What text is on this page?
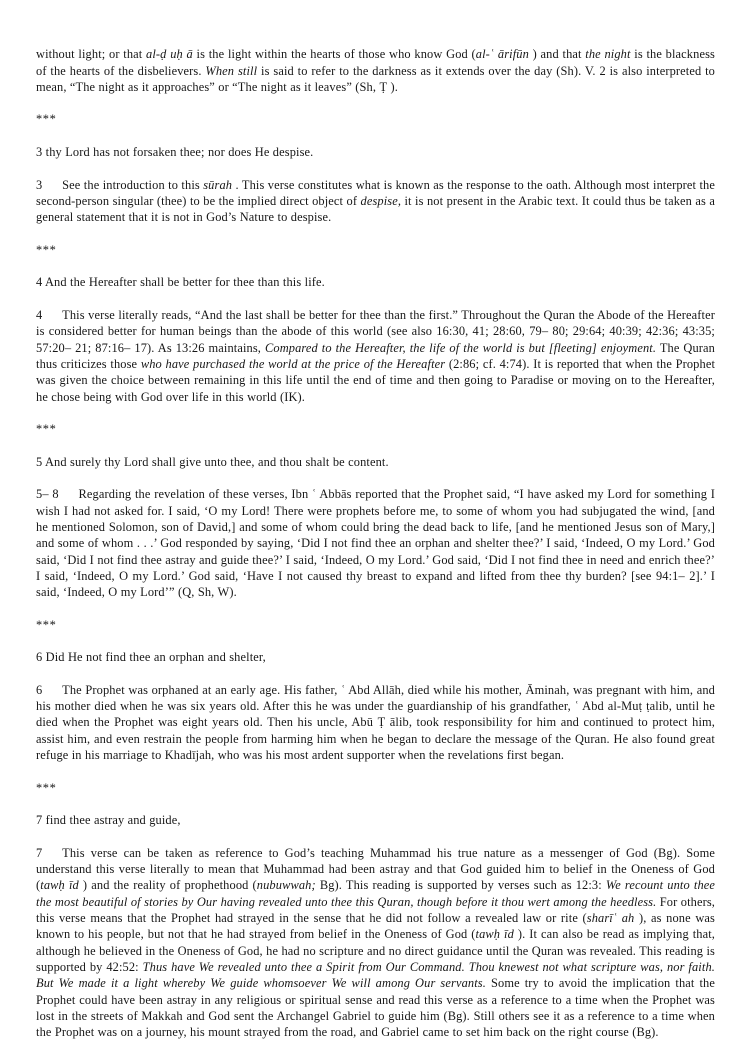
without light; or that al-ḍ uḥ ā is the light within the hearts of those who know God (al-ʿ ārifūn ) and that the night is the blackness of the hearts of the disbelievers. When still is said to refer to the darkness as it extends over the day (Sh). V. 2 is also interpreted to mean, “The night as it approaches” or “The night as it leaves” (Sh, Ṭ ).
***
3 thy Lord has not forsaken thee; nor does He despise.
3 See the introduction to this sūrah . This verse constitutes what is known as the response to the oath. Although most interpret the second-person singular (thee) to be the implied direct object of despise, it is not present in the Arabic text. It could thus be taken as a general statement that it is not in God’s Nature to despise.
***
4 And the Hereafter shall be better for thee than this life.
4 This verse literally reads, “And the last shall be better for thee than the first.” Throughout the Quran the Abode of the Hereafter is considered better for human beings than the abode of this world (see also 16:30, 41; 28:60, 79– 80; 29:64; 40:39; 42:36; 43:35; 57:20– 21; 87:16– 17). As 13:26 maintains, Compared to the Hereafter, the life of the world is but [fleeting] enjoyment. The Quran thus criticizes those who have purchased the world at the price of the Hereafter (2:86; cf. 4:74). It is reported that when the Prophet was given the choice between remaining in this life until the end of time and then going to Paradise or moving on to the Hereafter, he chose being with God over life in this world (IK).
***
5 And surely thy Lord shall give unto thee, and thou shalt be content.
5– 8 Regarding the revelation of these verses, Ibn ʿ Abbās reported that the Prophet said, “I have asked my Lord for something I wish I had not asked for. I said, ‘O my Lord! There were prophets before me, to some of whom you had subjugated the wind, [and he mentioned Solomon, son of David,] and some of whom could bring the dead back to life, [and he mentioned Jesus son of Mary,] and some of whom . . .’ God responded by saying, ‘Did I not find thee an orphan and shelter thee?’ I said, ‘Indeed, O my Lord.’ God said, ‘Did I not find thee astray and guide thee?’ I said, ‘Indeed, O my Lord.’ God said, ‘Did I not find thee in need and enrich thee?’ I said, ‘Indeed, O my Lord.’ God said, ‘Have I not caused thy breast to expand and lifted from thee thy burden? [see 94:1– 2].’ I said, ‘Indeed, O my Lord’” (Q, Sh, W).
***
6 Did He not find thee an orphan and shelter,
6 The Prophet was orphaned at an early age. His father, ʿ Abd Allāh, died while his mother, Āminah, was pregnant with him, and his mother died when he was six years old. After this he was under the guardianship of his grandfather, ʿ Abd al-Muṭ ṭalib, until he died when the Prophet was eight years old. Then his uncle, Abū Ṭ ālib, took responsibility for him and continued to protect him, assist him, and even restrain the people from harming him when he began to declare the message of the Quran. He also found great refuge in his marriage to Khadījah, who was his most ardent supporter when the revelations first began.
***
7 find thee astray and guide,
7 This verse can be taken as reference to God’s teaching Muhammad his true nature as a messenger of God (Bg). Some understand this verse literally to mean that Muhammad had been astray and that God guided him to belief in the Oneness of God (tawḥ īd ) and the reality of prophethood (nubuwwah; Bg). This reading is supported by verses such as 12:3: We recount unto thee the most beautiful of stories by Our having revealed unto thee this Quran, though before it thou wert among the heedless. For others, this verse means that the Prophet had strayed in the sense that he did not follow a revealed law or rite (sharīʿ ah ), as none was known to his people, but not that he had strayed from belief in the Oneness of God (tawḥ īd ). It can also be read as implying that, although he believed in the Oneness of God, he had no scripture and no direct guidance until the Quran was revealed. This reading is supported by 42:52: Thus have We revealed unto thee a Spirit from Our Command. Thou knewest not what scripture was, nor faith. But We made it a light whereby We guide whomsoever We will among Our servants. Some try to avoid the implication that the Prophet could have been astray in any religious or spiritual sense and read this verse as a reference to a time when the Prophet was lost in the streets of Makkah and God sent the Archangel Gabriel to guide him (Bg). Still others see it as a reference to a time when the Prophet was on a journey, his mount strayed from the road, and Gabriel came to set him back on the right course (Bg).
